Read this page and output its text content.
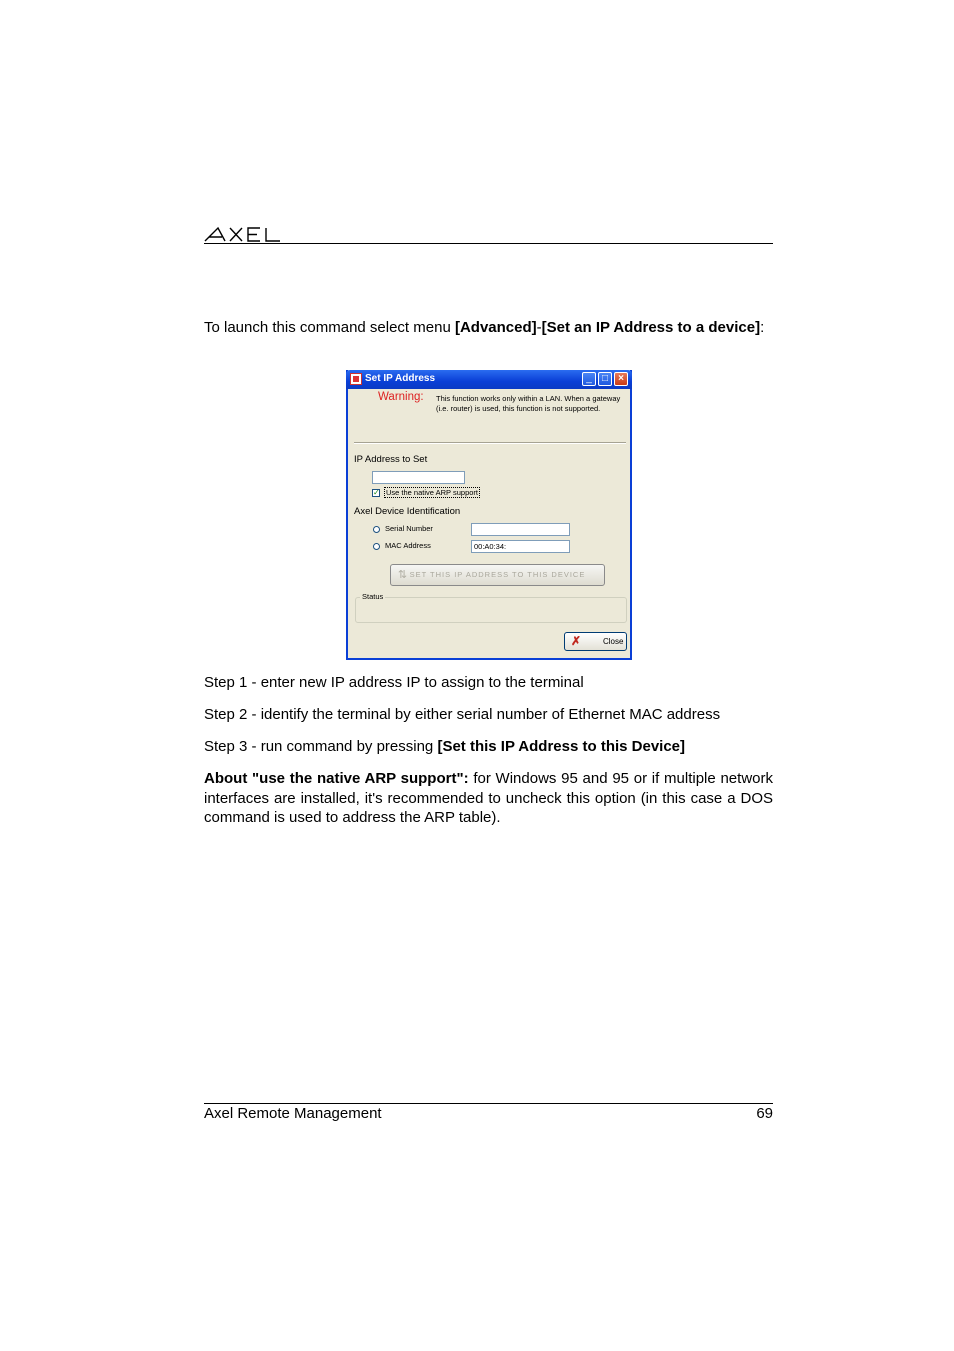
AXEL
To launch this command select menu [Advanced]-[Set an IP Address to a device]:
Set IP Address	_	□	×
Warning: This function works only within a LAN. When a gateway (i.e. router) is used, this function is not supported.
IP Address to Set
✓ Use the native ARP support
Axel Device Identification
Serial Number
MAC Address	00:A0:34:
⇅ SET THIS IP ADDRESS TO THIS DEVICE
Status
✗	Close
Step 1 - enter new IP address IP to assign to the terminal
Step 2 - identify the terminal by either serial number of Ethernet MAC address
Step 3 - run command by pressing [Set this IP Address to this Device]
About "use the native ARP support": for Windows 95 and 95 or if multiple network interfaces are installed, it's recommended to uncheck this option (in this case a DOS command is used to address the ARP table).
Axel Remote Management	69
